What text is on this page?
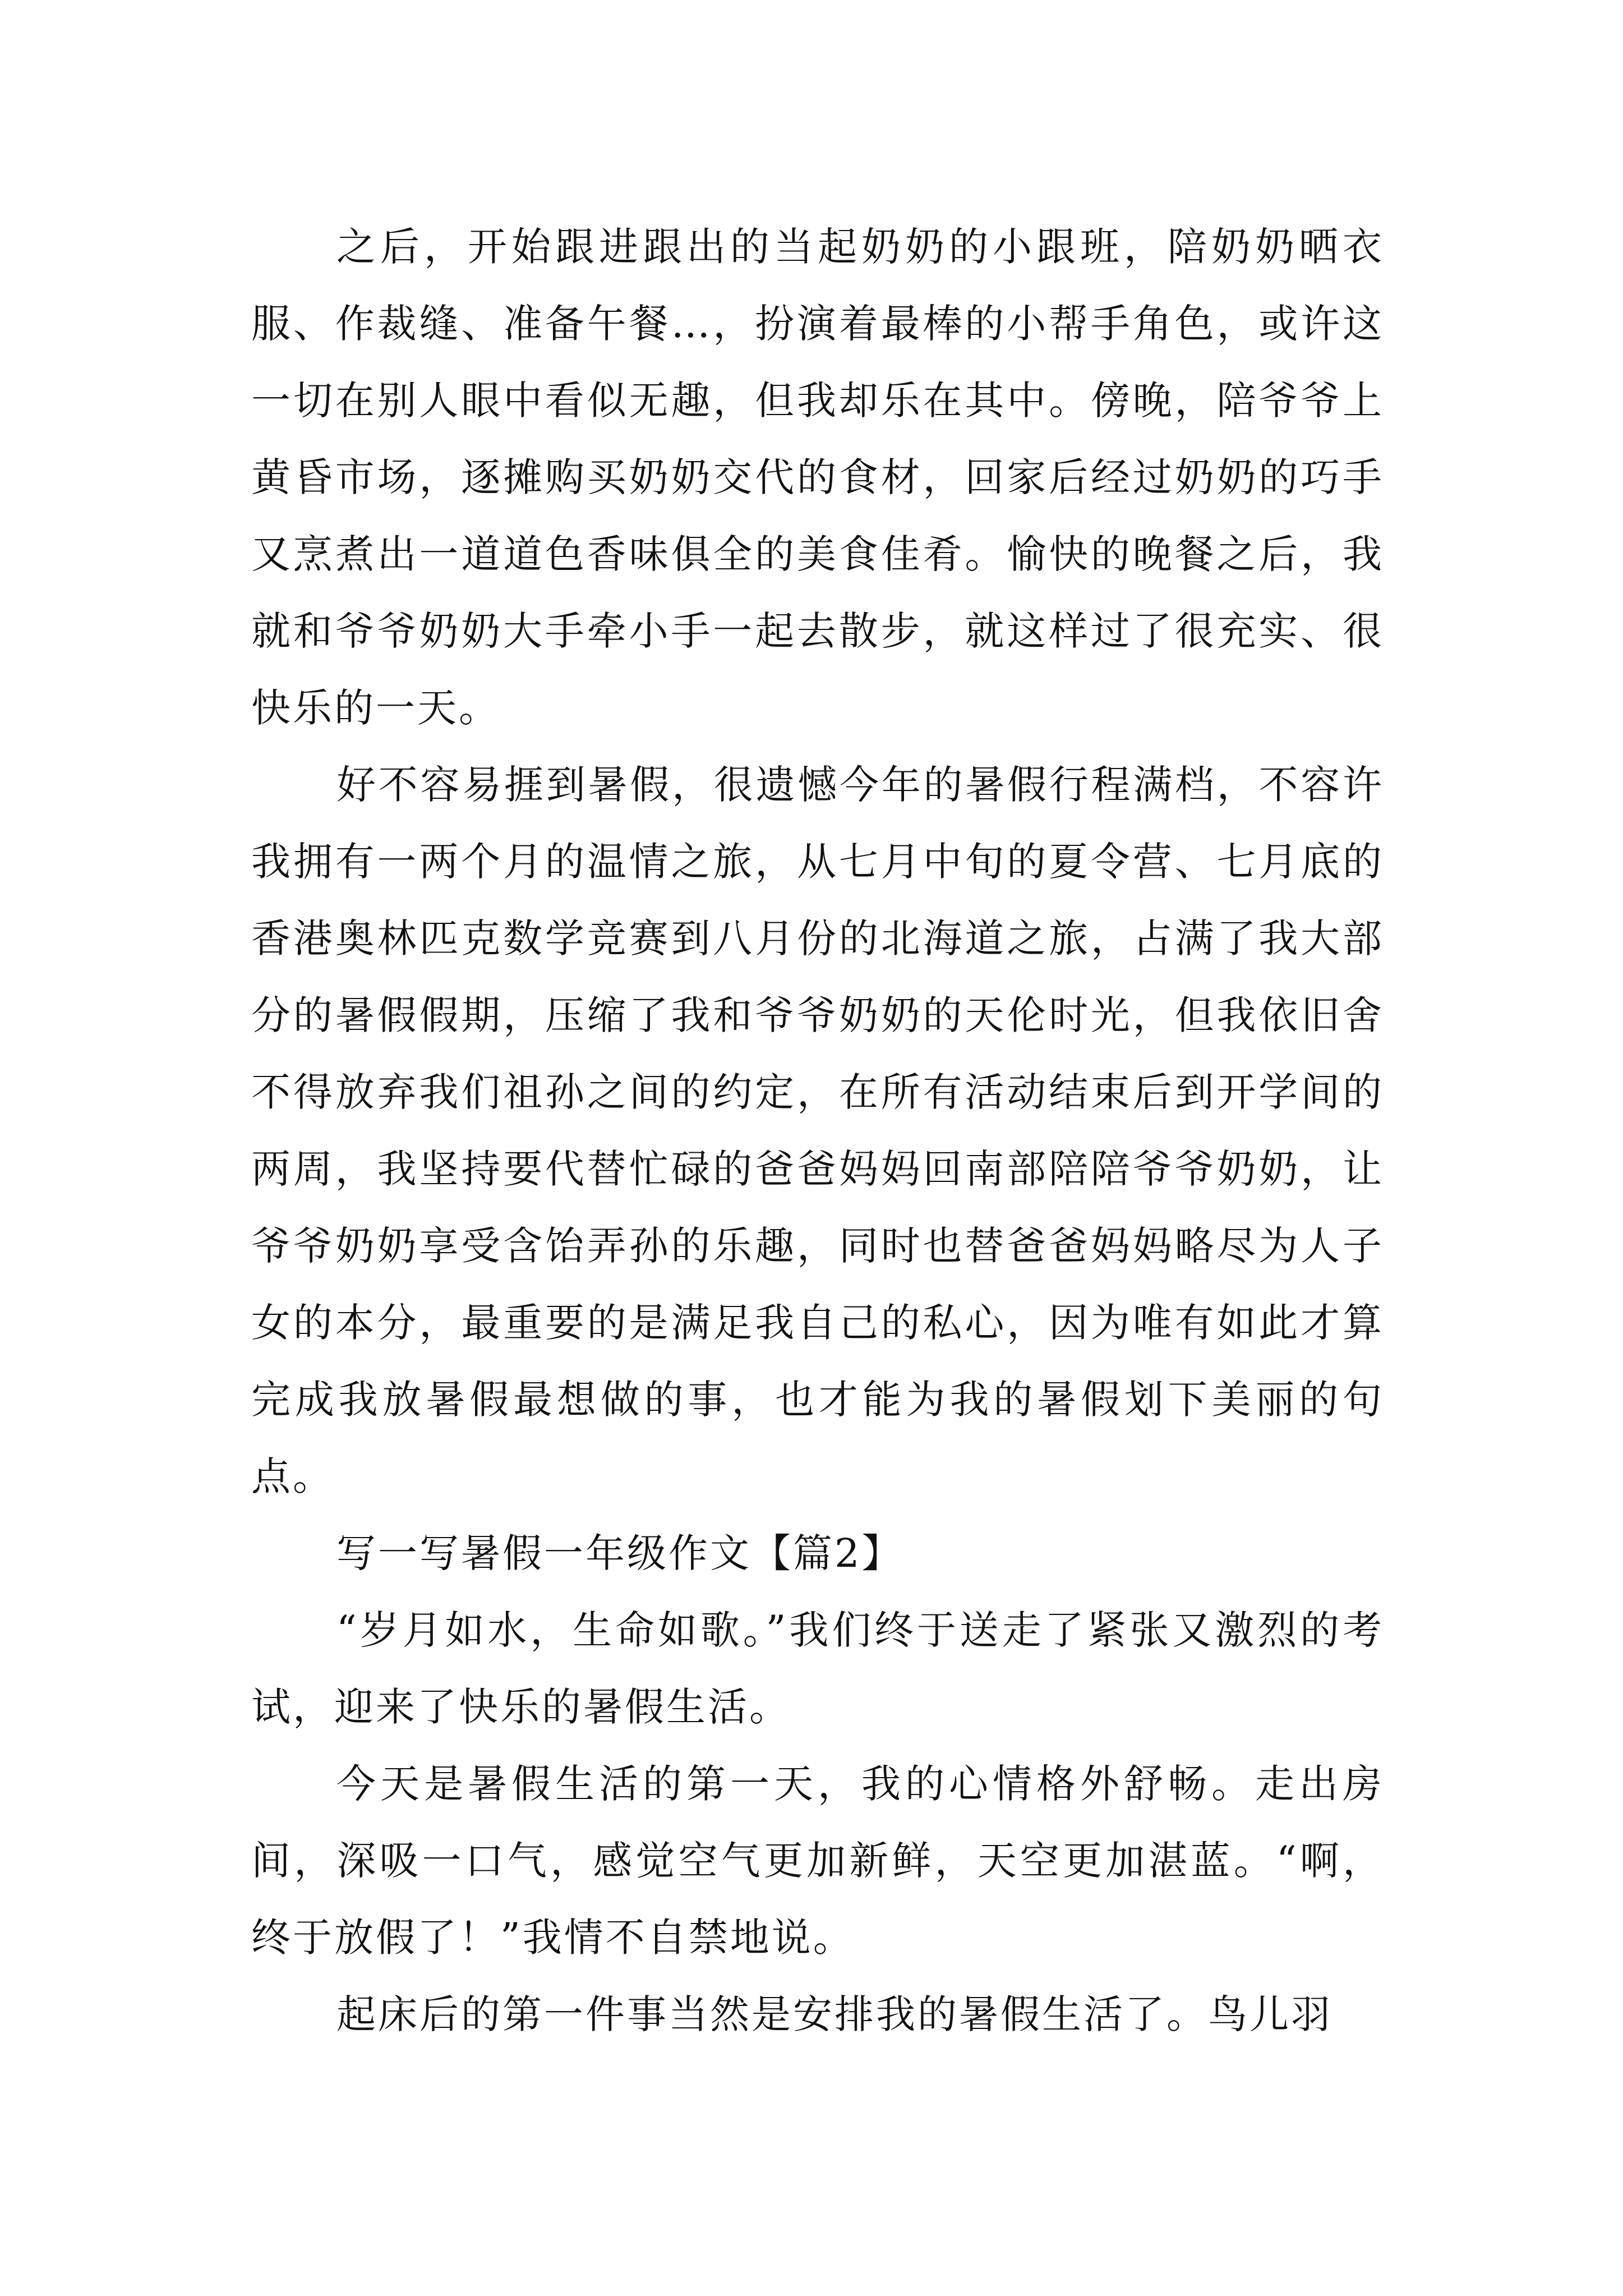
之后，开始跟进跟出的当起奶奶的小跟班，陪奶奶晒衣服、作裁缝、准备午餐…，扮演着最棒的小帮手角色，或许这一切在别人眼中看似无趣，但我却乐在其中。傍晚，陪爷爷上黄昏市场，逐摊购买奶奶交代的食材，回家后经过奶奶的巧手又烹煮出一道道色香味俱全的美食佳肴。愉快的晚餐之后，我就和爷爷奶奶大手牵小手一起去散步，就这样过了很充实、很快乐的一天。

好不容易捱到暑假，很遗憾今年的暑假行程满档，不容许我拥有一两个月的温情之旅，从七月中旬的夏令营、七月底的香港奥林匹克数学竞赛到八月份的北海道之旅，占满了我大部分的暑假假期，压缩了我和爷爷奶奶的天伦时光，但我依旧舍不得放弃我们祖孙之间的约定，在所有活动结束后到开学间的两周，我坚持要代替忙碌的爸爸妈妈回南部陪陪爷爷奶奶，让爷爷奶奶享受含饴弄孙的乐趣，同时也替爸爸妈妈略尽为人子女的本分，最重要的是满足我自己的私心，因为唯有如此才算完成我放暑假最想做的事，也才能为我的暑假划下美丽的句点。

写一写暑假一年级作文【篇2】

“岁月如水，生命如歌。”我们终于送走了紧张又激烈的考试，迎来了快乐的暑假生活。

今天是暑假生活的第一天，我的心情格外舒畅。走出房间，深吸一口气，感觉空气更加新鲜，天空更加湛蓝。“啊，终于放假了！”我情不自禁地说。

起床后的第一件事当然是安排我的暑假生活了。鸟儿羽
